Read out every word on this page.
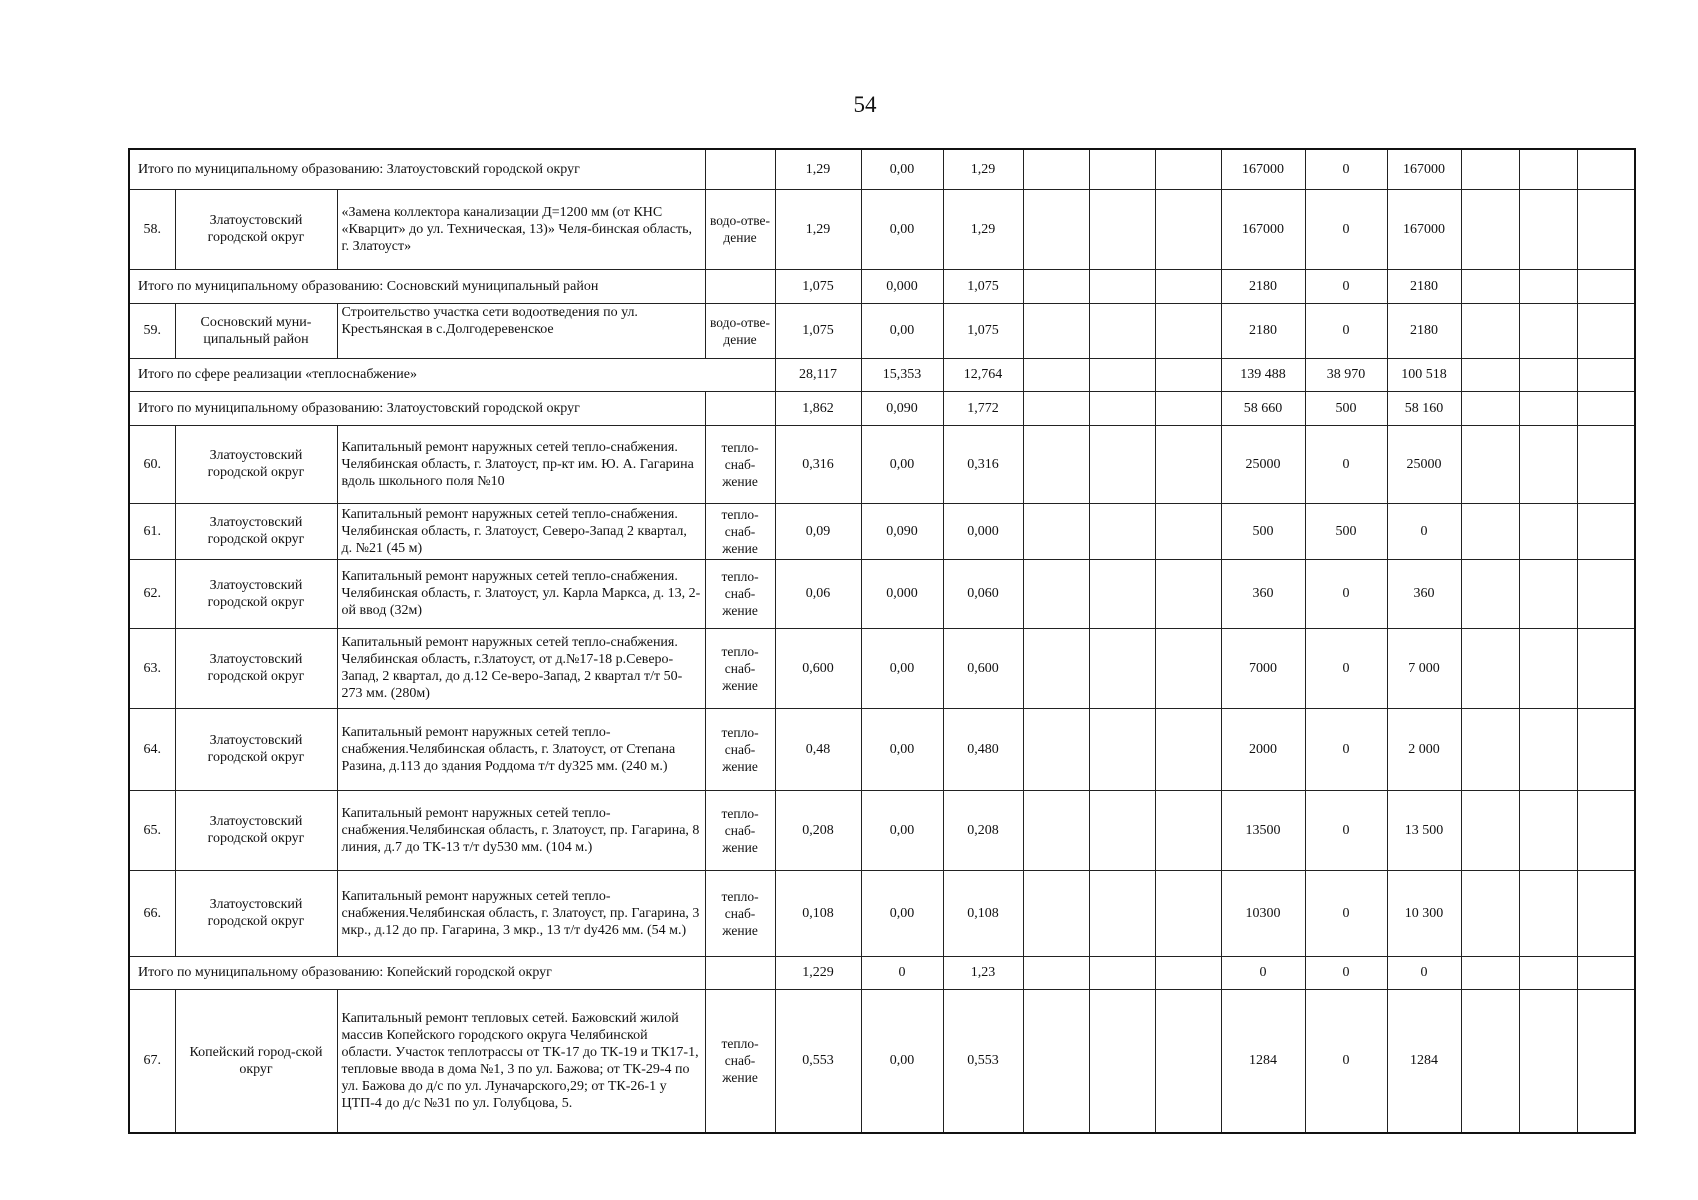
54
Итого по муниципальному образованию: Златоустовский городской округ				1,29	0,00	1,29				167000	0	167000			
58.	Златоустовский городской округ	«Замена коллектора канализации Д=1200 мм (от КНС «Кварцит» до ул. Техническая, 13)» Челя-бинская область, г. Златоуст»	водо-отве-дение	1,29	0,00	1,29				167000	0	167000			
Итого по муниципальному образованию: Сосновский муниципальный район				1,075	0,000	1,075				2180	0	2180			
59.	Сосновский муни-ципальный район	Строительство участка сети водоотведения по ул. Крестьянская в с.Долгодеревенское	водо-отве-дение	1,075	0,00	1,075				2180	0	2180			
Итого по сфере реализации «теплоснабжение»				28,117	15,353	12,764				139 488	38 970	100 518			
Итого по муниципальному образованию: Златоустовский городской округ				1,862	0,090	1,772				58 660	500	58 160			
60.	Златоустовский городской округ	Капитальный ремонт наружных сетей тепло-снабжения. Челябинская область, г. Златоуст, пр-кт им. Ю. А. Гагарина вдоль школьного поля №10	тепло-снаб-жение	0,316	0,00	0,316				25000	0	25000			
61.	Златоустовский городской округ	Капитальный ремонт наружных сетей тепло-снабжения. Челябинская область, г. Златоуст, Северо-Запад 2 квартал, д. №21 (45 м)	тепло-снаб-жение	0,09	0,090	0,000				500	500	0			
62.	Златоустовский городской округ	Капитальный ремонт наружных сетей тепло-снабжения. Челябинская область, г. Златоуст, ул. Карла Маркса, д. 13, 2-ой ввод (32м)	тепло-снаб-жение	0,06	0,000	0,060				360	0	360			
63.	Златоустовский городской округ	Капитальный ремонт наружных сетей тепло-снабжения. Челябинская область, г.Златоуст, от д.№17-18 р.Северо-Запад, 2 квартал, до д.12 Се-веро-Запад, 2 квартал т/т 50-273 мм. (280м)	тепло-снаб-жение	0,600	0,00	0,600				7000	0	7 000			
64.	Златоустовский городской округ	Капитальный ремонт наружных сетей тепло-снабжения.Челябинская область, г. Златоуст, от Степана Разина, д.113 до здания Роддома т/т dy325 мм. (240 м.)	тепло-снаб-жение	0,48	0,00	0,480				2000	0	2 000			
65.	Златоустовский городской округ	Капитальный ремонт наружных сетей тепло-снабжения.Челябинская область, г. Златоуст, пр. Гагарина, 8 линия, д.7 до ТК-13 т/т dy530 мм. (104 м.)	тепло-снаб-жение	0,208	0,00	0,208				13500	0	13 500			
66.	Златоустовский городской округ	Капитальный ремонт наружных сетей тепло-снабжения.Челябинская область, г. Златоуст, пр. Гагарина, 3 мкр., д.12 до пр. Гагарина, 3 мкр., 13 т/т dy426 мм. (54 м.)	тепло-снаб-жение	0,108	0,00	0,108				10300	0	10 300			
Итого по муниципальному образованию: Копейский городской округ				1,229	0	1,23				0	0	0			
67.	Копейский город-ской округ	Капитальный ремонт тепловых сетей. Бажовский жилой массив Копейского городского округа Челябинской области. Участок теплотрассы от ТК-17 до ТК-19 и ТК17-1, тепловые ввода в дома №1, 3 по ул. Бажова; от ТК-29-4 по ул. Бажова до д/с по ул. Луначарского,29; от ТК-26-1 у ЦТП-4 до д/с №31 по ул. Голубцова, 5.	тепло-снаб-жение	0,553	0,00	0,553				1284	0	1284			
